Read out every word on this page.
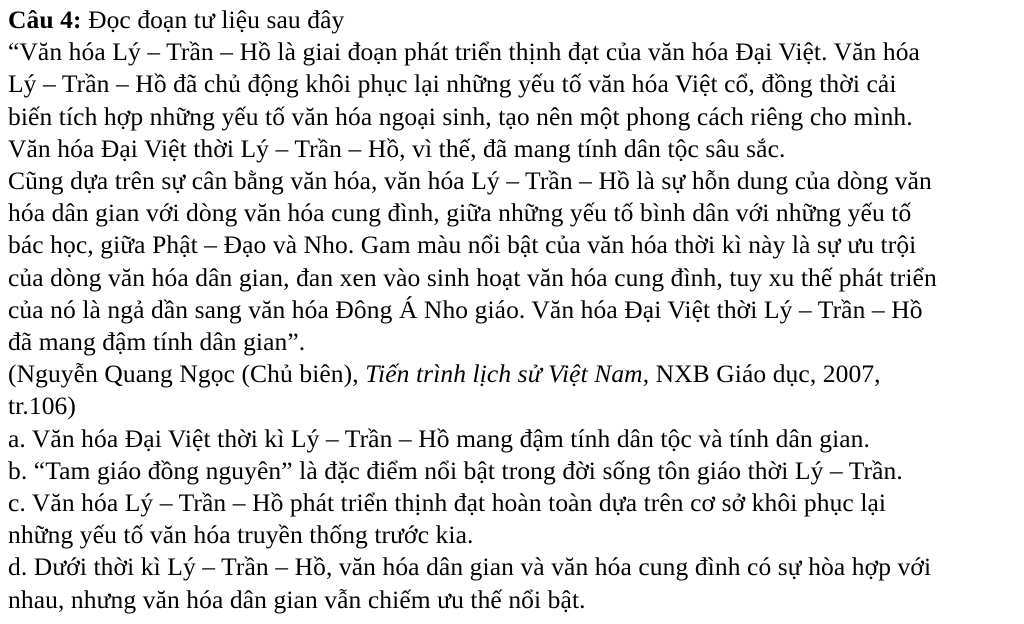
Câu 4: Đọc đoạn tư liệu sau đây
“Văn hóa Lý – Trần – Hồ là giai đoạn phát triển thịnh đạt của văn hóa Đại Việt. Văn hóa
Lý – Trần – Hồ đã chủ động khôi phục lại những yếu tố văn hóa Việt cổ, đồng thời cải
biến tích hợp những yếu tố văn hóa ngoại sinh, tạo nên một phong cách riêng cho mình.
Văn hóa Đại Việt thời Lý – Trần – Hồ, vì thế, đã mang tính dân tộc sâu sắc.
Cũng dựa trên sự cân bằng văn hóa, văn hóa Lý – Trần – Hồ là sự hỗn dung của dòng văn
hóa dân gian với dòng văn hóa cung đình, giữa những yếu tố bình dân với những yếu tố
bác học, giữa Phật – Đạo và Nho. Gam màu nổi bật của văn hóa thời kì này là sự ưu trội
của dòng văn hóa dân gian, đan xen vào sinh hoạt văn hóa cung đình, tuy xu thế phát triển
của nó là ngả dần sang văn hóa Đông Á Nho giáo. Văn hóa Đại Việt thời Lý – Trần – Hồ
đã mang đậm tính dân gian”.
(Nguyễn Quang Ngọc (Chủ biên), Tiến trình lịch sử Việt Nam, NXB Giáo dục, 2007,
tr.106)
a. Văn hóa Đại Việt thời kì Lý – Trần – Hồ mang đậm tính dân tộc và tính dân gian.
b. “Tam giáo đồng nguyên” là đặc điểm nổi bật trong đời sống tôn giáo thời Lý – Trần.
c. Văn hóa Lý – Trần – Hồ phát triển thịnh đạt hoàn toàn dựa trên cơ sở khôi phục lại
những yếu tố văn hóa truyền thống trước kia.
d. Dưới thời kì Lý – Trần – Hồ, văn hóa dân gian và văn hóa cung đình có sự hòa hợp với
nhau, nhưng văn hóa dân gian vẫn chiếm ưu thế nổi bật.
